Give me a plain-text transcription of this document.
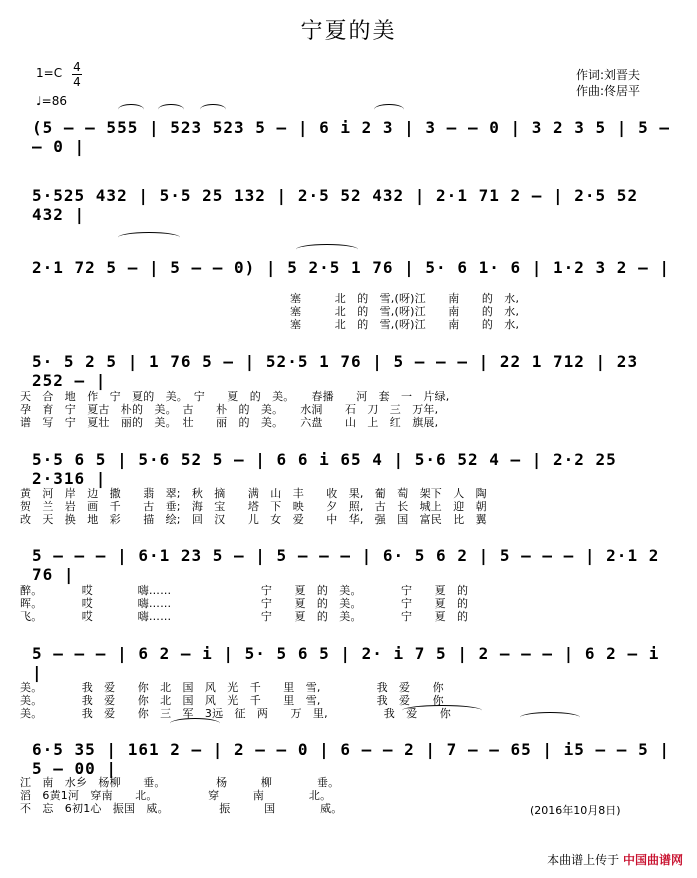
宁夏的美
1=C 4
4
♩=86
作词:刘晋夫
作曲:佟居平
(5 — — 555 | 523 523 5 — | 6 i 2 3 | 3 — — 0 | 3 2 3 5 | 5 — — 0 |
5·525 432 | 5·5 25 132 | 2·5 52 432 | 2·1 71 2 — | 2·5 52 432 |
2·1 72 5 — | 5 — — 0) | 5 2·5 1 76 | 5· 6 1· 6 | 1·2 3 2 — |
塞　　　北　的　雪,(呀)江　　南　　的　水,
塞　　　北　的　雪,(呀)江　　南　　的　水,
塞　　　北　的　雪,(呀)江　　南　　的　水,
5· 5 2 5 | 1 76 5 — | 52·5 1 76 | 5 — — — | 22 1 712 | 23 252 — |
天　合　地　作　宁　夏的　美。　宁　　夏　的　美。　　春播　　河　套　一　片绿,
孕　育　宁　夏古　朴的　美。　古　　朴　的　美。　　水洞　　石　刀　三　万年,
谱　写　宁　夏壮　丽的　美。　壮　　丽　的　美。　　六盘　　山　上　红　旗展,
5·5 6 5 | 5·6 52 5 — | 6 6 i 65 4 | 5·6 52 4 — | 2·2 25 2·316 |
黄　河　岸　边　撒　　翡　翠;　秋　摘　　满　山　丰　　收　果,　葡　萄　架下　人　陶
贺　兰　岩　画　千　　古　垂;　海　宝　　塔　下　映　　夕　照,　古　长　城上　迎　朝
改　天　换　地　彩　　描　绘;　回　汉　　儿　女　爱　　中　华,　强　国　富民　比　翼
5 — — — | 6·1 23 5 — | 5 — — — | 6· 5 6 2 | 5 — — — | 2·1 2 76 |
醉。　　　　哎　　　　嗨……　　　　　　　　宁　　夏　的　美。　　　　宁　　夏　的
晖。　　　　哎　　　　嗨……　　　　　　　　宁　　夏　的　美。　　　　宁　　夏　的
飞。　　　　哎　　　　嗨……　　　　　　　　宁　　夏　的　美。　　　　宁　　夏　的
5 — — — | 6 2 — i | 5· 5 6 5 | 2· i 7 5 | 2 — — — | 6 2 — i |
美。　　　　我　爱　　你　北　国　风　光　千　　里　雪,　　　　　我　爱　　你
美。　　　　我　爱　　你　北　国　风　光　千　　里　雪,　　　　　我　爱　　你
美。　　　　我　爱　　你　三　军　3远　征　两　　万　里,　　　　　我　爱　　你
6·5 35 | 161 2 — | 2 — — 0 | 6 — — 2 | 7 — — 65 | i5 — — 5 | 5 — 00 |
江　南　水乡　杨柳　　垂。　　　　　杨　　　柳　　　　垂。
滔　6黄1河　穿南　　北。　　　　　穿　　　南　　　　北。
不　忘　6初1心　振国　威。　　　　　振　　　国　　　　威。	(2016年10月8日)
本曲谱上传于 中国曲谱网
